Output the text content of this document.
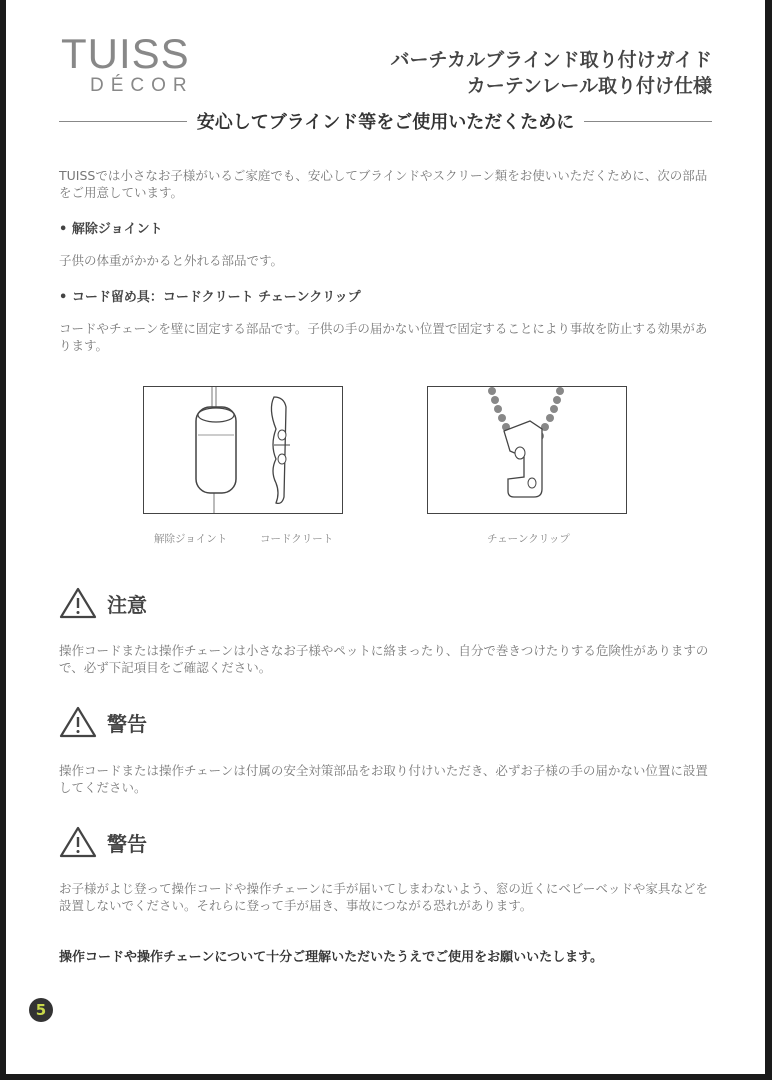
TUISS
DÉCOR
バーチカルブラインド取り付けガイド
カーテンレール取り付け仕様
安心してブラインド等をご使用いただくために
TUISSでは小さなお子様がいるご家庭でも、安心してブラインドやスクリーン類をお使いいただくために、次の部品をご用意しています。
• 解除ジョイント
子供の体重がかかると外れる部品です。
• コード留め具：コードクリート チェーンクリップ
コードやチェーンを壁に固定する部品です。子供の手の届かない位置で固定することにより事故を防止する効果があります。
解除ジョイント	コードクリート	チェーンクリップ
注意
操作コードまたは操作チェーンは小さなお子様やペットに絡まったり、自分で巻きつけたりする危険性がありますので、必ず下記項目をご確認ください。
警告
操作コードまたは操作チェーンは付属の安全対策部品をお取り付けいただき、必ずお子様の手の届かない位置に設置してください。
警告
お子様がよじ登って操作コードや操作チェーンに手が届いてしまわないよう、窓の近くにベビーベッドや家具などを設置しないでください。それらに登って手が届き、事故につながる恐れがあります。
操作コードや操作チェーンについて十分ご理解いただいたうえでご使用をお願いいたします。
5
